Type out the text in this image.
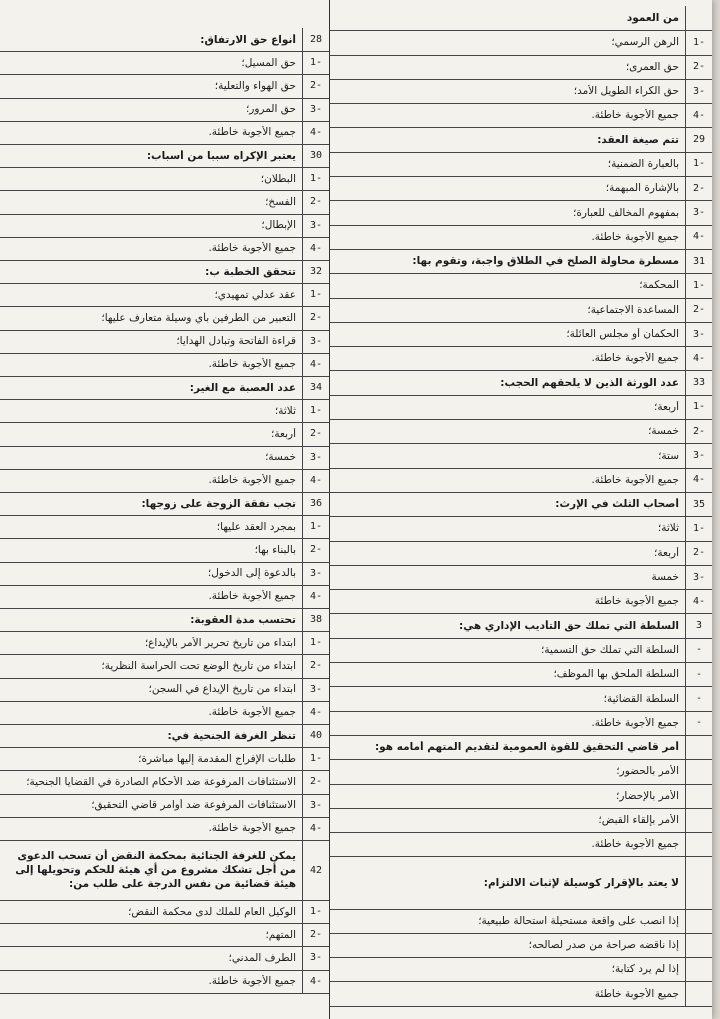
28
أنواع حق الارتفاق:
-1
حق المسيل؛
-2
حق الهواء والتعلية؛
-3
حق المرور؛
-4
جميع الأجوبة خاطئة.
30
يعتبر الإكراه سببا من أسباب:
-1
البطلان؛
-2
الفسخ؛
-3
الإبطال؛
-4
جميع الأجوبة خاطئة.
32
تتحقق الخطبة ب:
-1
عقد عدلي تمهيدي؛
-2
التعبير من الطرفين بأي وسيلة متعارف عليها؛
-3
قراءة الفاتحة وتبادل الهدايا؛
-4
جميع الأجوبة خاطئة.
34
عدد العصبة مع الغير:
-1
ثلاثة؛
-2
أربعة؛
-3
خمسة؛
-4
جميع الأجوبة خاطئة.
36
تجب نفقة الزوجة على زوجها:
-1
بمجرد العقد عليها؛
-2
بالبناء بها؛
-3
بالدعوة إلى الدخول؛
-4
جميع الأجوبة خاطئة.
38
تحتسب مدة العقوبة:
-1
ابتداء من تاريخ تحرير الأمر بالإيداع؛
-2
ابتداء من تاريخ الوضع تحت الحراسة النظرية؛
-3
ابتداء من تاريخ الإيداع في السجن؛
-4
جميع الأجوبة خاطئة.
40
تنظر الغرفة الجنحية في:
-1
طلبات الإفراج المقدمة إليها مباشرة؛
-2
الاستئنافات المرفوعة ضد الأحكام الصادرة في القضايا الجنحية؛
-3
الاستئنافات المرفوعة ضد أوامر قاضي التحقيق؛
-4
جميع الأجوبة خاطئة.
42
يمكن للغرفة الجنائية بمحكمة النقض أن تسحب الدعوى من أجل تشكك مشروع من أي هيئة للحكم وتحويلها إلى هيئة قضائية من نفس الدرجة على طلب من:
-1
الوكيل العام للملك لدى محكمة النقض؛
-2
المتهم؛
-3
الطرف المدني؛
-4
جميع الأجوبة خاطئة.
من العمود
-1
الرهن الرسمي؛
-2
حق العمرى؛
-3
حق الكراء الطويل الأمد؛
-4
جميع الأجوبة خاطئة.
29
تتم صيغة العقد:
-1
بالعبارة الضمنية؛
-2
بالإشارة المبهمة؛
-3
بمفهوم المخالف للعبارة؛
-4
جميع الأجوبة خاطئة.
31
مسطرة محاولة الصلح في الطلاق واجبة، وتقوم بها:
-1
المحكمة؛
-2
المساعدة الاجتماعية؛
-3
الحكمان أو مجلس العائلة؛
-4
جميع الأجوبة خاطئة.
33
عدد الورثة الذين لا يلحقهم الحجب:
-1
أربعة؛
-2
خمسة؛
-3
ستة؛
-4
جميع الأجوبة خاطئة.
35
أصحاب الثلث في الإرث:
-1
ثلاثة؛
-2
أربعة؛
-3
خمسة
-4
جميع الأجوبة خاطئة
3
السلطة التي تملك حق التأديب الإداري هي:
-
السلطة التي تملك حق التسمية؛
-
السلطة الملحق بها الموظف؛
-
السلطة القضائية؛
-
جميع الأجوبة خاطئة.
أمر قاضي التحقيق للقوة العمومية لتقديم المتهم أمامه هو:
الأمر بالحضور؛
الأمر بالإحضار؛
الأمر بإلقاء القبض؛
جميع الأجوبة خاطئة.
لا يعتد بالإقرار كوسيلة لإثبات الالتزام:
إذا انصب على واقعة مستحيلة استحالة طبيعية؛
إذا ناقضه صراحة من صدر لصالحه؛
إذا لم يرد كتابة؛
جميع الأجوبة خاطئة
